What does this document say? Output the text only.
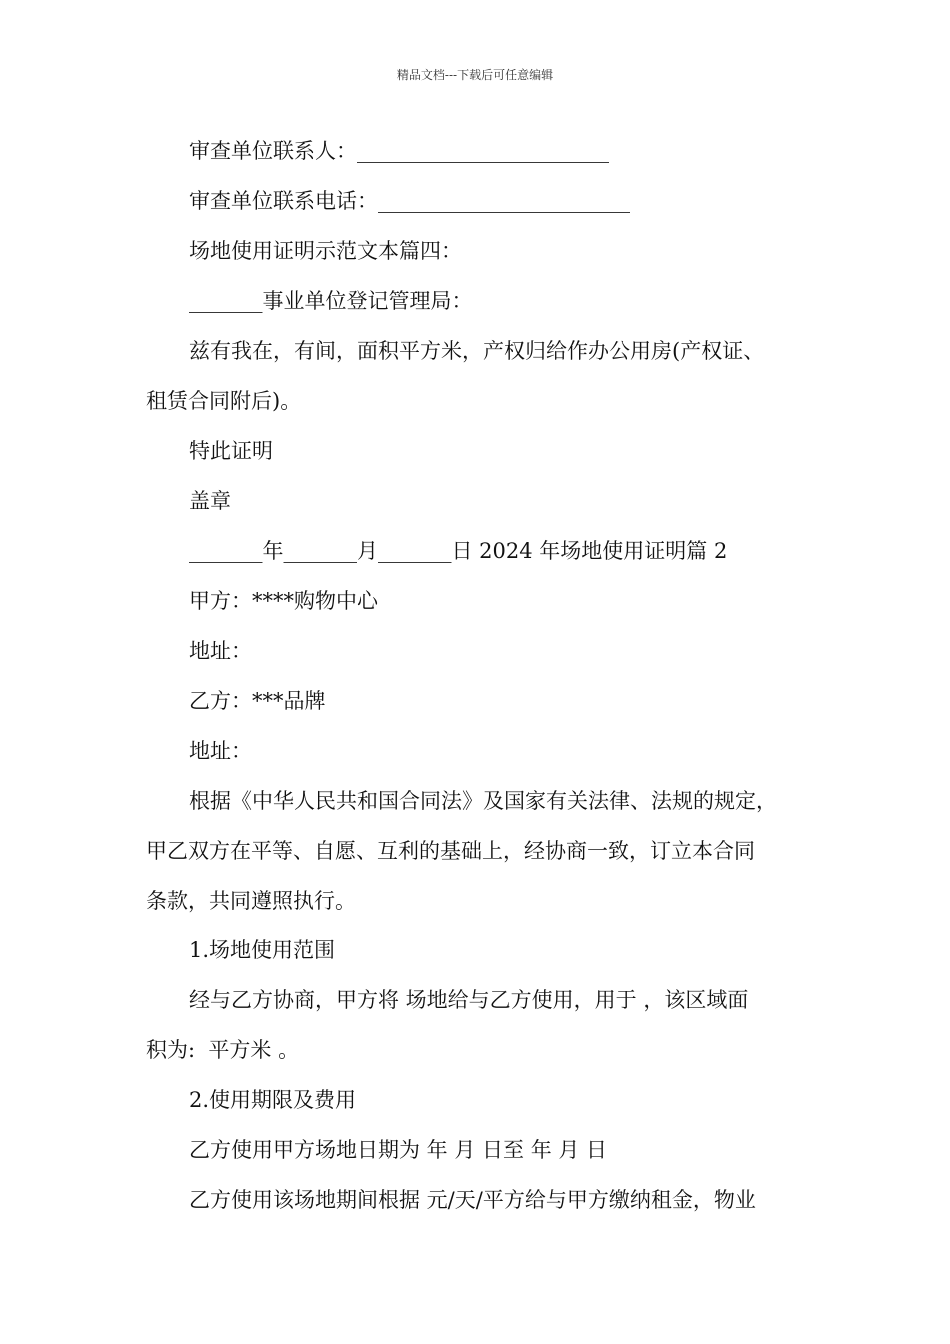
精品文档---下载后可任意编辑

审查单位联系人：________________________

审查单位联系电话：________________________

场地使用证明示范文本篇四：

_______事业单位登记管理局：

兹有我在，有间，面积平方米，产权归给作办公用房(产权证、

租赁合同附后)。

特此证明

盖章

_______年_______月_______日 2024 年场地使用证明篇 2

甲方：****购物中心

地址：

乙方：***品牌

地址：

根据《中华人民共和国合同法》及国家有关法律、法规的规定，

甲乙双方在平等、自愿、互利的基础上，经协商一致，订立本合同

条款，共同遵照执行。

1.场地使用范围

经与乙方协商，甲方将 场地给与乙方使用，用于 ，该区域面

积为:  平方米 。

2.使用期限及费用

乙方使用甲方场地日期为 年 月 日至 年 月 日

乙方使用该场地期间根据 元/天/平方给与甲方缴纳租金，物业
